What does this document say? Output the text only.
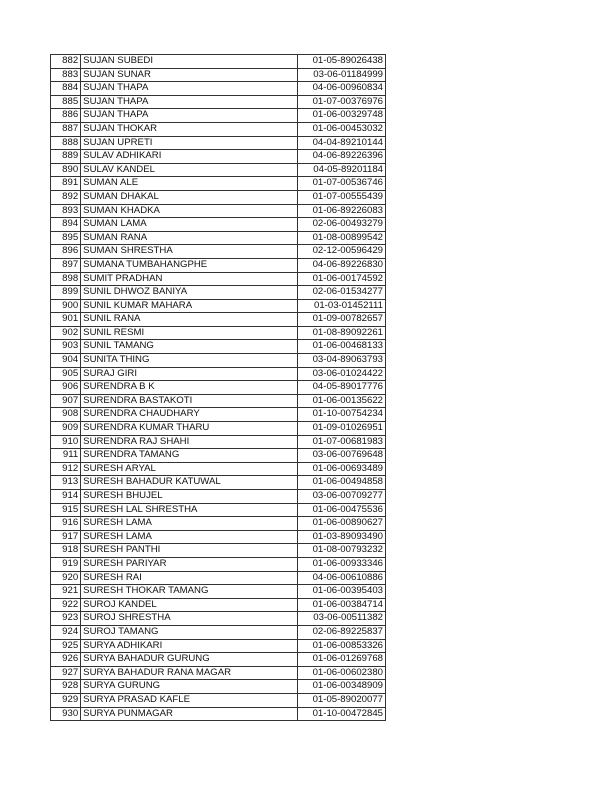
882	SUJAN SUBEDI	01-05-89026438
883	SUJAN SUNAR	03-06-01184999
884	SUJAN THAPA	04-06-00960834
885	SUJAN THAPA	01-07-00376976
886	SUJAN THAPA	01-06-00329748
887	SUJAN THOKAR	01-06-00453032
888	SUJAN UPRETI	04-04-89210144
889	SULAV ADHIKARI	04-06-89226396
890	SULAV KANDEL	04-05-89201184
891	SUMAN ALE	01-07-00536746
892	SUMAN DHAKAL	01-07-00555439
893	SUMAN KHADKA	01-06-89226083
894	SUMAN LAMA	02-06-00493279
895	SUMAN RANA	01-08-00899542
896	SUMAN SHRESTHA	02-12-00596429
897	SUMANA TUMBAHANGPHE	04-06-89226830
898	SUMIT PRADHAN	01-06-00174592
899	SUNIL DHWOZ BANIYA	02-06-01534277
900	SUNIL KUMAR MAHARA	01-03-01452111
901	SUNIL RANA	01-09-00782657
902	SUNIL RESMI	01-08-89092261
903	SUNIL TAMANG	01-06-00468133
904	SUNITA THING	03-04-89063793
905	SURAJ GIRI	03-06-01024422
906	SURENDRA B K	04-05-89017776
907	SURENDRA BASTAKOTI	01-06-00135622
908	SURENDRA CHAUDHARY	01-10-00754234
909	SURENDRA KUMAR THARU	01-09-01026951
910	SURENDRA RAJ SHAHI	01-07-00681983
911	SURENDRA TAMANG	03-06-00769648
912	SURESH ARYAL	01-06-00693489
913	SURESH BAHADUR KATUWAL	01-06-00494858
914	SURESH BHUJEL	03-06-00709277
915	SURESH LAL SHRESTHA	01-06-00475536
916	SURESH LAMA	01-06-00890627
917	SURESH LAMA	01-03-89093490
918	SURESH PANTHI	01-08-00793232
919	SURESH PARIYAR	01-06-00933346
920	SURESH RAI	04-06-00610886
921	SURESH THOKAR TAMANG	01-06-00395403
922	SUROJ KANDEL	01-06-00384714
923	SUROJ SHRESTHA	03-06-00511382
924	SUROJ TAMANG	02-06-89225837
925	SURYA ADHIKARI	01-06-00853326
926	SURYA BAHADUR GURUNG	01-06-01269768
927	SURYA BAHADUR RANA MAGAR	01-06-00602380
928	SURYA GURUNG	01-06-00348909
929	SURYA PRASAD KAFLE	01-05-89020077
930	SURYA PUNMAGAR	01-10-00472845
